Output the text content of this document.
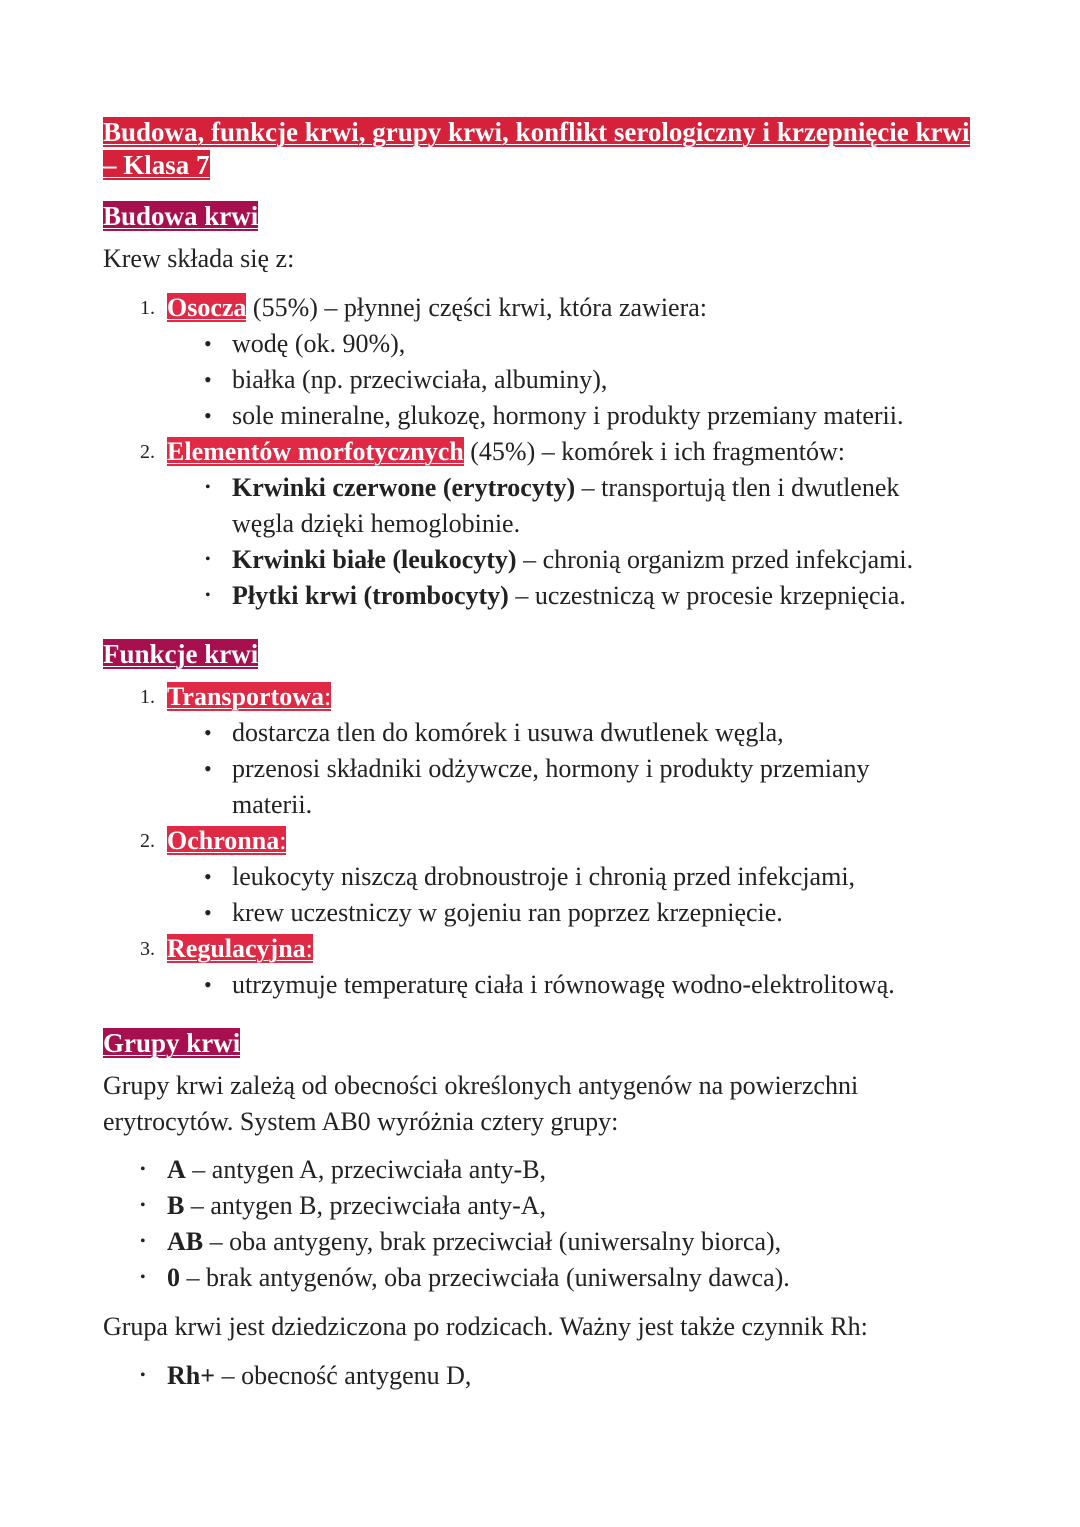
Budowa, funkcje krwi, grupy krwi, konflikt serologiczny i krzepnięcie krwi – Klasa 7
Budowa krwi

Krew składa się z:

1. Osocza (55%) – płynnej części krwi, która zawiera:

• wodę (ok. 90%),

• białka (np. przeciwciała, albuminy),

• sole mineralne, glukozę, hormony i produkty przemiany materii.

2. Elementów morfotycznych (45%) – komórek i ich fragmentów:

• Krwinki czerwone (erytrocyty) – transportują tlen i dwutlenek węgla dzięki hemoglobinie.

• Krwinki białe (leukocyty) – chronią organizm przed infekcjami.

• Płytki krwi (trombocyty) – uczestniczą w procesie krzepnięcia.

Funkcje krwi
1. Transportowa:

• dostarcza tlen do komórek i usuwa dwutlenek węgla,

• przenosi składniki odżywcze, hormony i produkty przemiany materii.

2. Ochronna:

• leukocyty niszczą drobnoustroje i chronią przed infekcjami,

• krew uczestniczy w gojeniu ran poprzez krzepnięcie.

3. Regulacyjna:

• utrzymuje temperaturę ciała i równowagę wodno-elektrolitową.

Grupy krwi

Grupy krwi zależą od obecności określonych antygenów na powierzchni erytrocytów. System AB0 wyróżnia cztery grupy:

• A – antygen A, przeciwciała anty-B,

• B – antygen B, przeciwciała anty-A,

• AB – oba antygeny, brak przeciwciał (uniwersalny biorca),

• 0 – brak antygenów, oba przeciwciała (uniwersalny dawca).

Grupa krwi jest dziedziczona po rodzicach. Ważny jest także czynnik Rh:

• Rh+ – obecność antygenu D,
